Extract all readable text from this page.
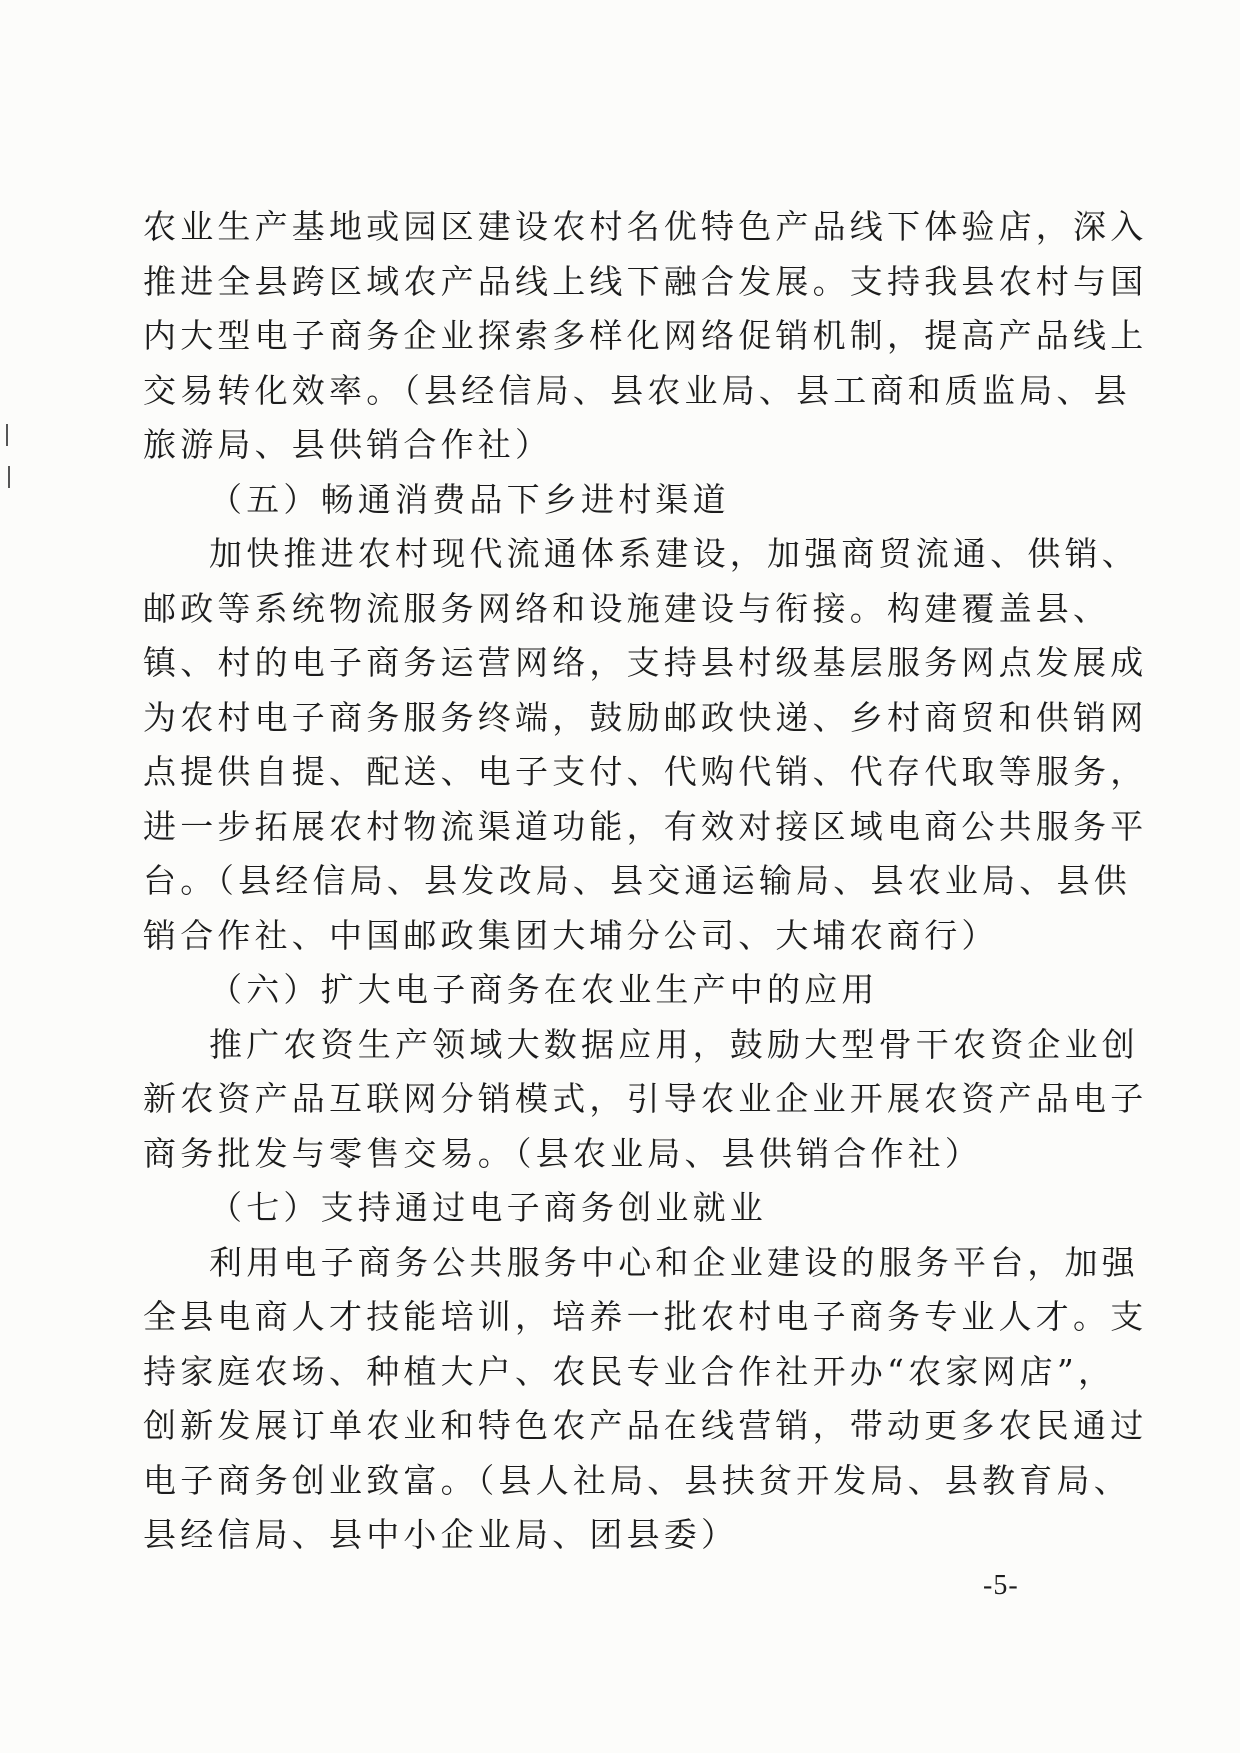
农业生产基地或园区建设农村名优特色产品线下体验店，深入
推进全县跨区域农产品线上线下融合发展。支持我县农村与国
内大型电子商务企业探索多样化网络促销机制，提高产品线上
交易转化效率。（县经信局、县农业局、县工商和质监局、县
旅游局、县供销合作社）
（五）畅通消费品下乡进村渠道
加快推进农村现代流通体系建设，加强商贸流通、供销、
邮政等系统物流服务网络和设施建设与衔接。构建覆盖县、
镇、村的电子商务运营网络，支持县村级基层服务网点发展成
为农村电子商务服务终端，鼓励邮政快递、乡村商贸和供销网
点提供自提、配送、电子支付、代购代销、代存代取等服务，
进一步拓展农村物流渠道功能，有效对接区域电商公共服务平
台。（县经信局、县发改局、县交通运输局、县农业局、县供
销合作社、中国邮政集团大埔分公司、大埔农商行）
（六）扩大电子商务在农业生产中的应用
推广农资生产领域大数据应用，鼓励大型骨干农资企业创
新农资产品互联网分销模式，引导农业企业开展农资产品电子
商务批发与零售交易。（县农业局、县供销合作社）
（七）支持通过电子商务创业就业
利用电子商务公共服务中心和企业建设的服务平台，加强
全县电商人才技能培训，培养一批农村电子商务专业人才。支
持家庭农场、种植大户、农民专业合作社开办“农家网店”，
创新发展订单农业和特色农产品在线营销，带动更多农民通过
电子商务创业致富。（县人社局、县扶贫开发局、县教育局、
县经信局、县中小企业局、团县委）
-5-
